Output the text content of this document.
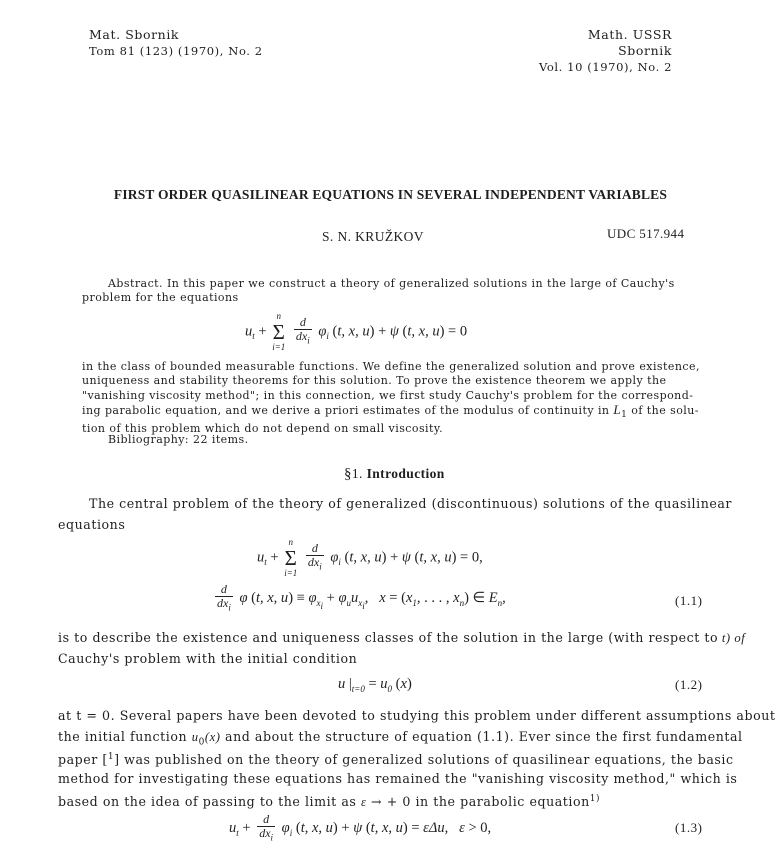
Mat. Sbornik
Tom 81 (123) (1970), No. 2
Math. USSR Sbornik
Vol. 10 (1970), No. 2
FIRST ORDER QUASILINEAR EQUATIONS IN SEVERAL INDEPENDENT VARIABLES
S. N. KRUŽKOV	UDC 517.944
Abstract. In this paper we construct a theory of generalized solutions in the large of Cauchy's
problem for the equations
$u_t$ +
n
Σ
i=1
$\frac{d}{dx_i} \varphi_i$ (t, x, u) + ψ (t, x, u) = 0
in the class of bounded measurable functions. We define the generalized solution and prove existence,
uniqueness and stability theorems for this solution. To prove the existence theorem we apply the
"vanishing viscosity method"; in this connection, we first study Cauchy's problem for the correspond-
ing parabolic equation, and we derive a priori estimates of the modulus of continuity in $L_1$ of the solu-
tion of this problem which do not depend on small viscosity.
Bibliography: 22 items.
§1. Introduction
The central problem of the theory of generalized (discontinuous) solutions of the quasilinear
equations
$u_t$ +
n
Σ
i=1
$\frac{d}{dx_i} \varphi_i$ (t, x, u) + ψ (t, x, u) = 0,
$\frac{d}{dx_i}$ φ (t, x, $u) \equiv \varphi_{x_i} + \varphi_uu_{x_i}$,   $x = (x_1$, . . . , $x_n$) ∈ $E_n$,	(1.1)
is to describe the existence and uniqueness classes of the solution in the large (with respect to t) of
Cauchy's problem with the initial condition
u $|_{t=0} = u_0$ (x)	(1.2)
at t = 0. Several papers have been devoted to studying this problem under different assumptions about
the initial function $u_0(x)$ and about the structure of equation (1.1). Ever since the first fundamental
paper [$^1$] was published on the theory of generalized solutions of quasilinear equations, the basic
method for investigating these equations has remained the "vanishing viscosity method," which is
based on the idea of passing to the limit as ε → + 0 in the parabolic equation$^{1)}$
$u_t + \frac{d}{dx_i} \varphi_i$ (t, x, u) + ψ (t, x, u) = εΔu,   ε > 0,	(1.3)
